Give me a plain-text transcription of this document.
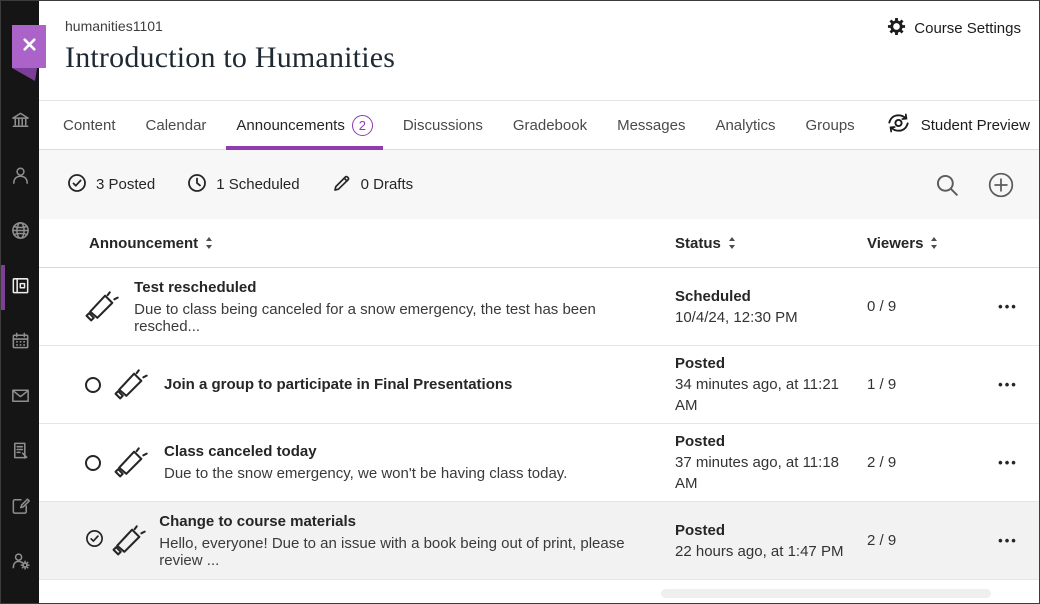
humanities1101
Introduction to Humanities
Course Settings
Content Calendar Announcements	2	Discussions Gradebook Messages Analytics Groups	Student Preview
3 Posted	1 Scheduled	0 Drafts
Announcement	Status	Viewers
Test rescheduled
Due to class being canceled for a snow emergency, the test has been resched...
Scheduled
10/4/24, 12:30 PM
0 / 9	•••
Join a group to participate in Final Presentations
Posted
34 minutes ago, at 11:21 AM
1 / 9	•••
Class canceled today
Due to the snow emergency, we won't be having class today.
Posted
37 minutes ago, at 11:18 AM
2 / 9	•••
Change to course materials
Hello, everyone! Due to an issue with a book being out of print, please review ...
Posted
22 hours ago, at 1:47 PM
2 / 9	•••
